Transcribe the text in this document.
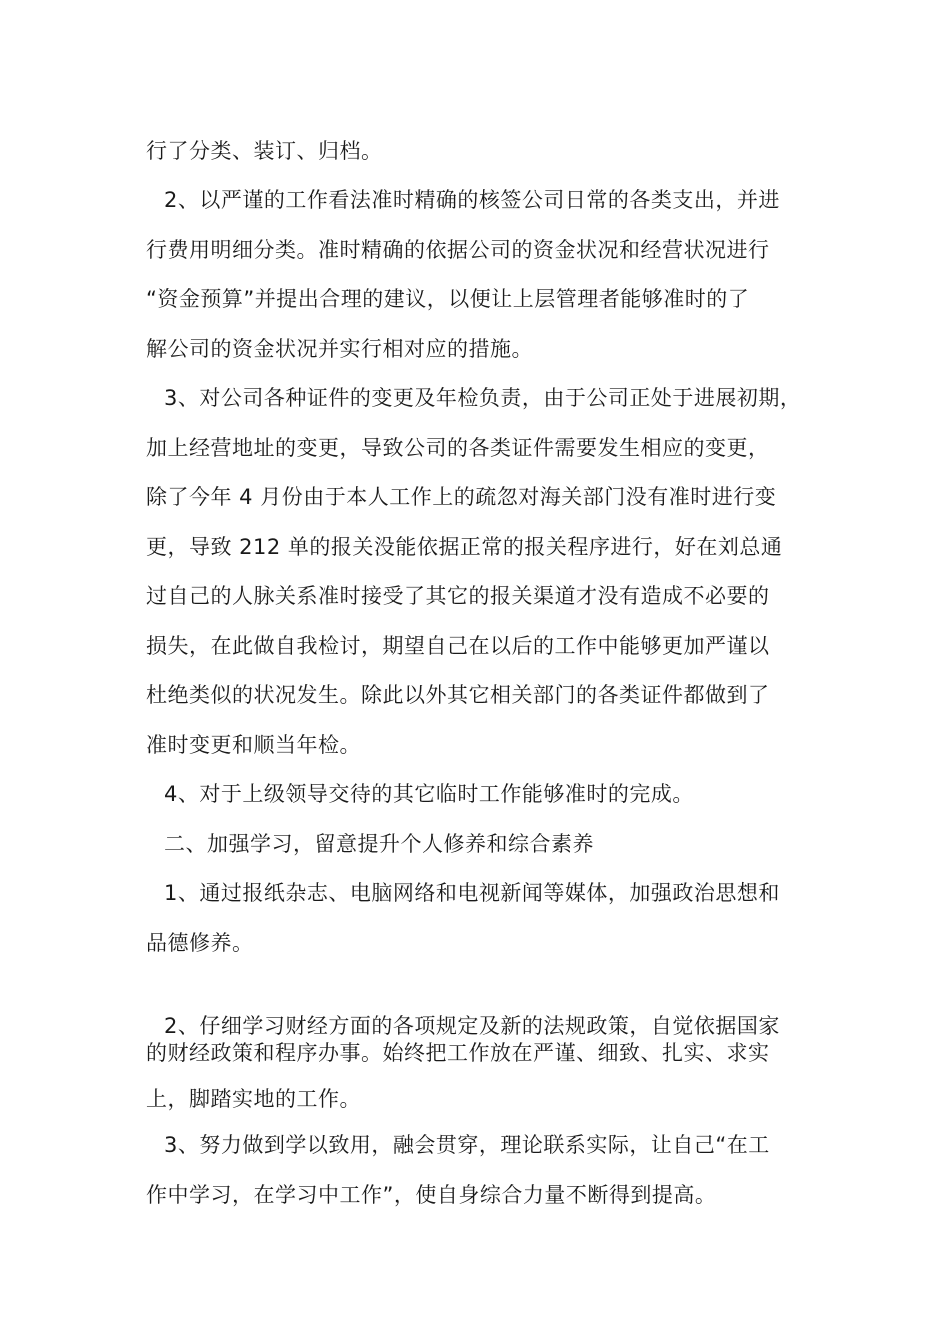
行了分类、装订、归档。

2、以严谨的工作看法准时精确的核签公司日常的各类支出，并进

行费用明细分类。准时精确的依据公司的资金状况和经营状况进行

“资金预算”并提出合理的建议，以便让上层管理者能够准时的了

解公司的资金状况并实行相对应的措施。

3、对公司各种证件的变更及年检负责，由于公司正处于进展初期，

加上经营地址的变更，导致公司的各类证件需要发生相应的变更，

除了今年 4 月份由于本人工作上的疏忽对海关部门没有准时进行变

更，导致 212 单的报关没能依据正常的报关程序进行，好在刘总通

过自己的人脉关系准时接受了其它的报关渠道才没有造成不必要的

损失，在此做自我检讨，期望自己在以后的工作中能够更加严谨以

杜绝类似的状况发生。除此以外其它相关部门的各类证件都做到了

准时变更和顺当年检。

4、对于上级领导交待的其它临时工作能够准时的完成。

二、加强学习，留意提升个人修养和综合素养

1、通过报纸杂志、电脑网络和电视新闻等媒体，加强政治思想和

品德修养。

2、仔细学习财经方面的各项规定及新的法规政策，自觉依据国家

的财经政策和程序办事。始终把工作放在严谨、细致、扎实、求实

上，脚踏实地的工作。

3、努力做到学以致用，融会贯穿，理论联系实际，让自己“在工

作中学习，在学习中工作”，使自身综合力量不断得到提高。
